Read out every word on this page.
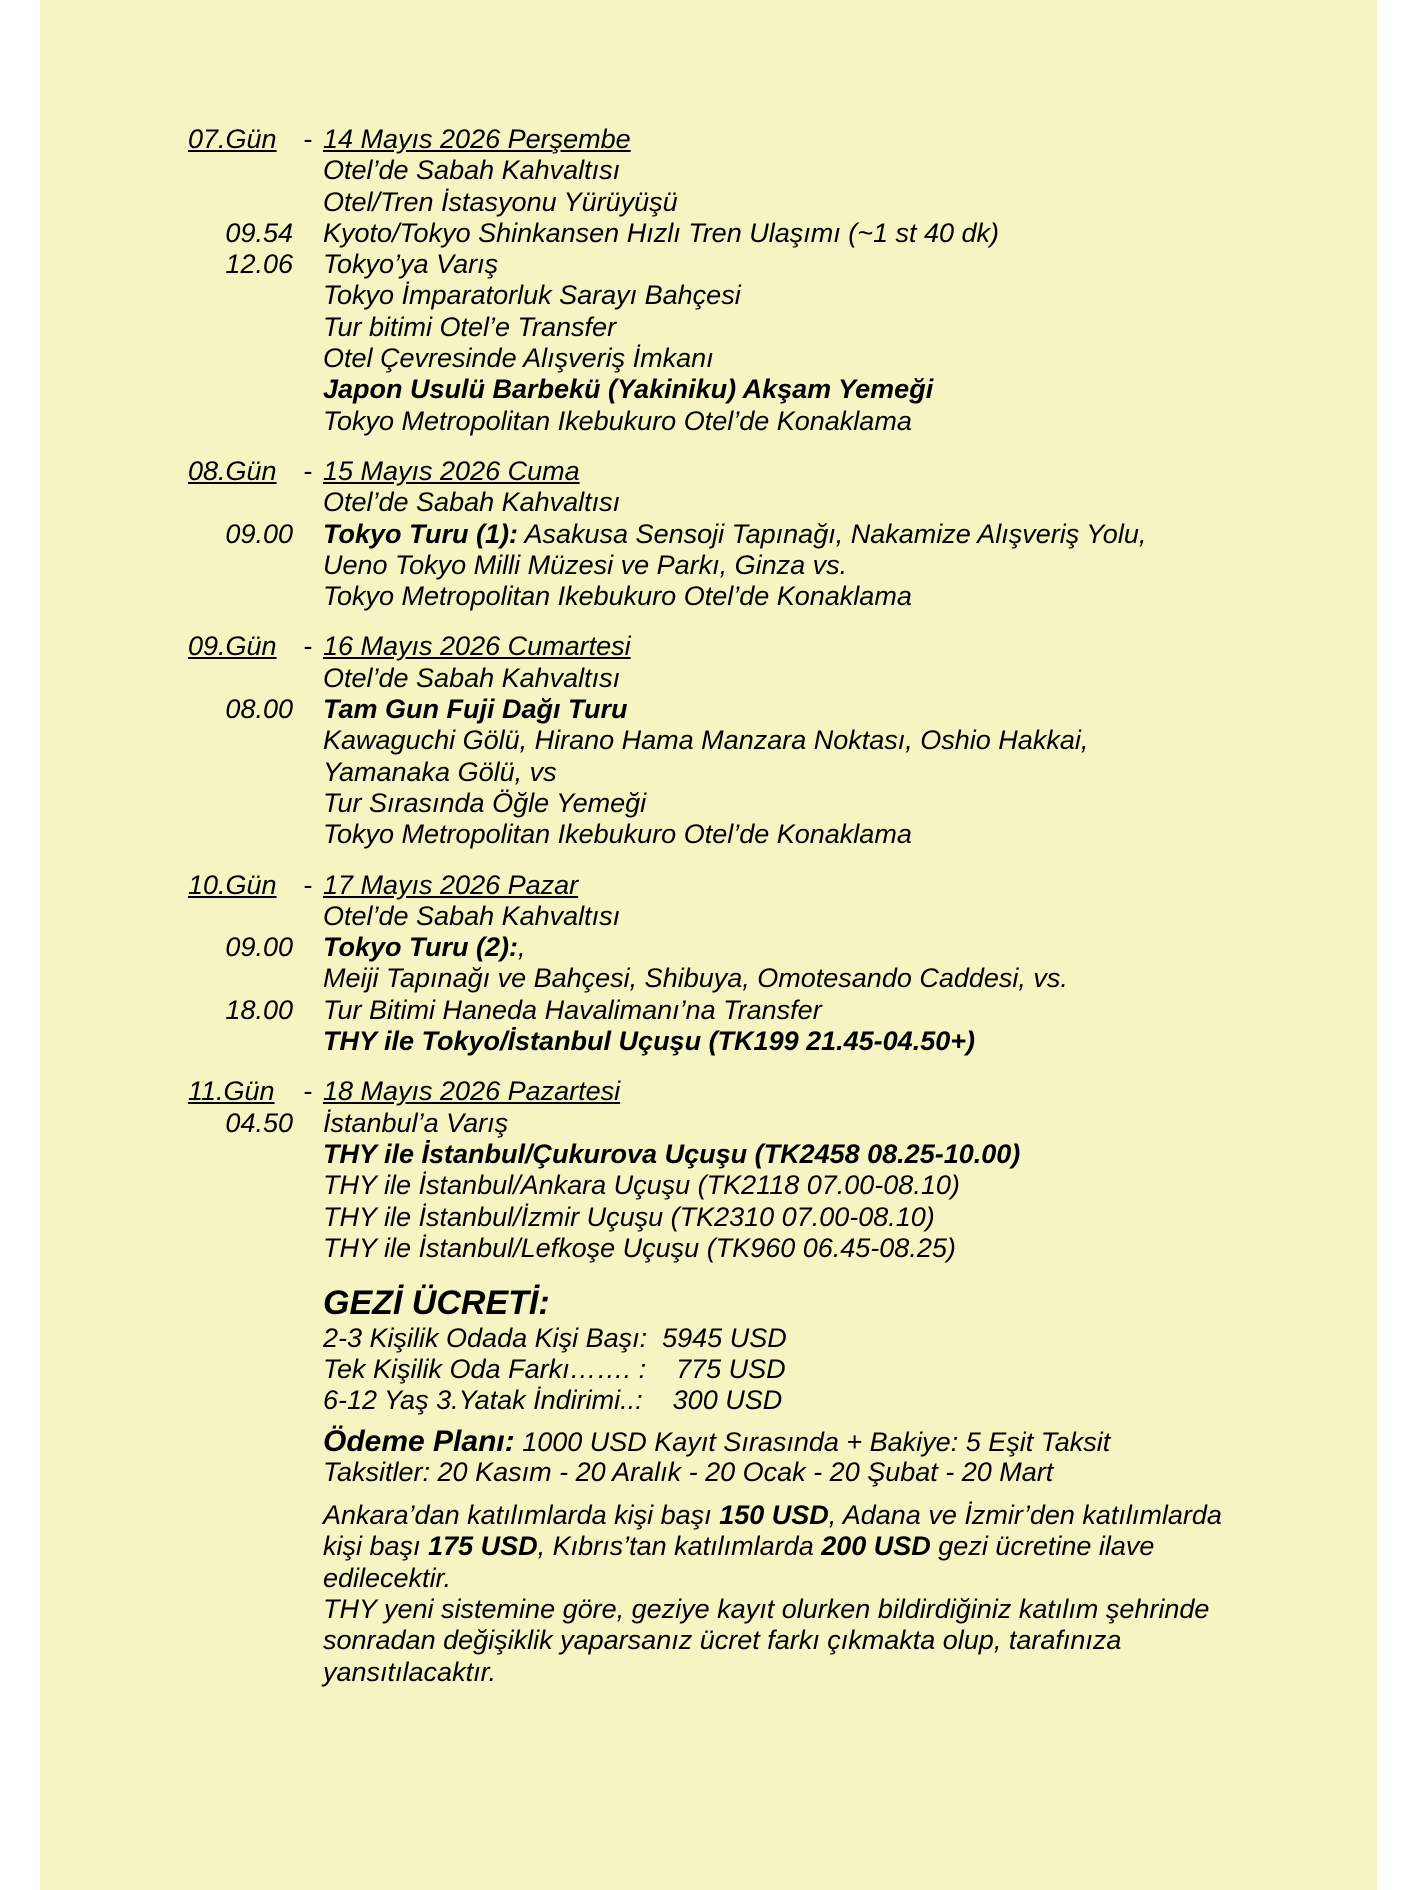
07.Gün - 14 Mayıs 2026 Perşembe
Otel’de Sabah Kahvaltısı
Otel/Tren İstasyonu Yürüyüşü
09.54 Kyoto/Tokyo Shinkansen Hızlı Tren Ulaşımı (~1 st 40 dk)
12.06 Tokyo’ya Varış
Tokyo İmparatorluk Sarayı Bahçesi
Tur bitimi Otel’e Transfer
Otel Çevresinde Alışveriş İmkanı
Japon Usulü Barbekü (Yakiniku) Akşam Yemeği
Tokyo Metropolitan Ikebukuro Otel’de Konaklama
08.Gün - 15 Mayıs 2026 Cuma
Otel’de Sabah Kahvaltısı
09.00 Tokyo Turu (1): Asakusa Sensoji Tapınağı, Nakamize Alışveriş Yolu,
Ueno Tokyo Milli Müzesi ve Parkı, Ginza vs.
Tokyo Metropolitan Ikebukuro Otel’de Konaklama
09.Gün - 16 Mayıs 2026 Cumartesi
Otel’de Sabah Kahvaltısı
08.00 Tam Gun Fuji Dağı Turu
Kawaguchi Gölü, Hirano Hama Manzara Noktası, Oshio Hakkai,
Yamanaka Gölü, vs
Tur Sırasında Öğle Yemeği
Tokyo Metropolitan Ikebukuro Otel’de Konaklama
10.Gün - 17 Mayıs 2026 Pazar
Otel’de Sabah Kahvaltısı
09.00 Tokyo Turu (2):,
Meiji Tapınağı ve Bahçesi, Shibuya, Omotesando Caddesi, vs.
18.00 Tur Bitimi Haneda Havalimanı’na Transfer
THY ile Tokyo/İstanbul Uçuşu (TK199 21.45-04.50+)
11.Gün	- 18 Mayıs 2026 Pazartesi
04.50 İstanbul’a Varış
THY ile İstanbul/Çukurova Uçuşu (TK2458 08.25-10.00)
THY ile İstanbul/Ankara Uçuşu (TK2118 07.00-08.10)
THY ile İstanbul/İzmir Uçuşu (TK2310 07.00-08.10)
THY ile İstanbul/Lefkoşe Uçuşu (TK960 06.45-08.25)
GEZİ ÜCRETİ:
2-3 Kişilik Odada Kişi Başı:  5945 USD
Tek Kişilik Oda Farkı……. :    775 USD
6-12 Yaş 3.Yatak İndirimi..:    300 USD
Ödeme Planı: 1000 USD Kayıt Sırasında + Bakiye: 5 Eşit Taksit
Taksitler: 20 Kasım - 20 Aralık - 20 Ocak - 20 Şubat - 20 Mart
Ankara’dan katılımlarda kişi başı 150 USD, Adana ve İzmir’den katılımlarda
kişi başı 175 USD, Kıbrıs’tan katılımlarda 200 USD gezi ücretine ilave
edilecektir.
THY yeni sistemine göre, geziye kayıt olurken bildirdiğiniz katılım şehrinde
sonradan değişiklik yaparsanız ücret farkı çıkmakta olup, tarafınıza
yansıtılacaktır.
